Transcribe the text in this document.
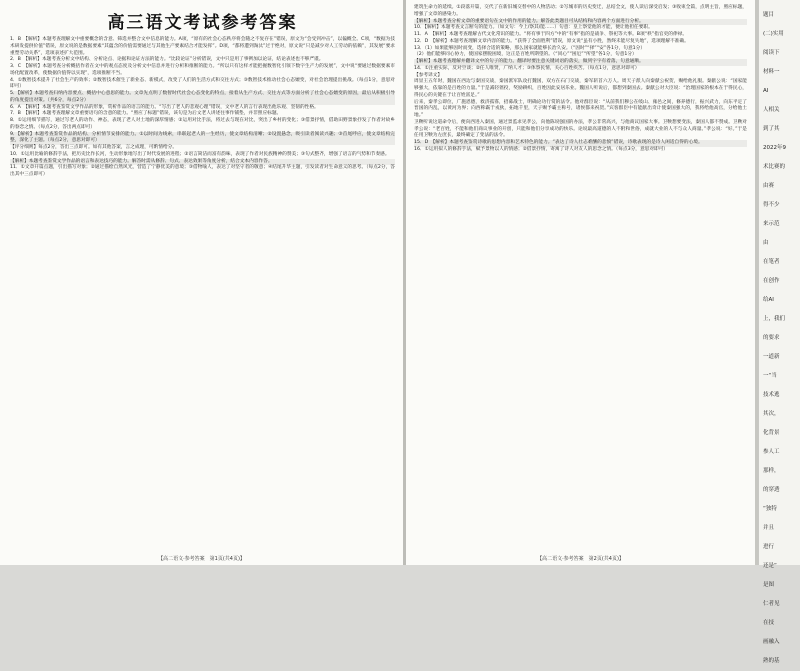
高三语文考试参考答案

1．B　【解析】本题考查理解文中重要概念的含意、筛选并整合文中信息的能力。A项，“原有的社会心态秩序将会随之不复存在”错误，原文为“会受到冲击”，以偏概全。C项，“数据为技术研发提供价值”错误，原文说的是数据要素“其蕴含的价值需要通过与其他生产要素结合才能发挥”。D项，“都将遭到淘汰”过于绝对，原文说“只是减少对人工劳动的依赖”，其发展“要求重塑劳动关系”，选项表述扩大范围。

2．B　【解析】本题考查分析文中结构、分析论点、论据和论证方法的能力。“比较论证”分析错误，文中只是用了事例加以论证，结论表述也不够严谨。

3．C　【解析】本题考查分析概括作者在文中的观点态度及分析文中信息并进行分析和推断的能力。“所以只有这样才能把握数智化引领下数字生产力的发展”，文中说“要通过数据要素市场化配置改革，使数据价值得以实现”，选项推断不当。

4．①数智技术提升了社会生产的效率；②数智技术催生了新业态、新模式，改变了人们的生活方式和交往方式；③数智技术推动社会心态嬗变，对社会治理提出挑战。（每点1分，意思对即可）

5．【解析】本题考查归纳内容要点、概括中心意思的能力。文章先点明了数智时代社会心态变化的特点，接着从生产方式、交往方式等方面分析了社会心态嬗变的原因，最后从积极引导的角度提出对策。（共6分，每点2分）

6．A　【解析】本题考查鉴赏文学作品的形象，赏析作品的语言的能力。“写出了老人的悲观心理”错误，文中老人的言行表现出他乐观、坚韧的性格。

7．B　【解析】本题考查理解文章重要语句的含意的能力。“照应了标题”错误，该句是为后文老人讲述往事作铺垫，并非照应标题。

8．①运用细节描写，通过写老人的动作、神态，表现了老人对土地的深厚情感；②运用对比手法，将过去与现在对比，突出了乡村的变化；③借景抒情，借助田野景象抒发了作者对故乡的眷恋之情。（每点2分，答出两点即可）

9．【解析】本题考查鉴赏作品的结构、分析情节安排的能力。①以时间为线索，串联起老人的一生经历，使文章结构清晰；②设置悬念，吸引读者阅读兴趣；③首尾呼应，使文章结构完整，深化了主题。（每点2分，意思对即可）

【评分细则】每点2分，答出三点即可。如有其他答案，言之成理，可酌情给分。

10．①运用比喻的修辞手法，把历史比作长河，生动形象地写出了时代发展的进程；②语言简洁而富有韵味，表现了作者对民族精神的赞美；③句式整齐，增强了语言的气势和节奏感。

【解析】本题考查鉴赏文学作品的语言和表达技巧的能力。解答时需从修辞、句式、表达效果等角度分析，结合文本内容作答。

11．①文章开篇点题，引出描写对象；②通过描绘自然风光，营造了宁静优美的意境；③借物喻人，表达了对坚守者的敬意；④结尾升华主题，引发读者对生命意义的思考。（每点2分，答出其中三点即可）

【高二语文·参考答案　第1页(共4页)】

建筑生命力的延续。①段落开篇，交代了在新旧城交替中的人物活动；②写城市的历史变迁，总结全文，使人读后深受启发；③收束全篇，点明主旨，照应标题，增强了文章的感染力。

【解析】本题考查分析文章的重要语句在文中的作用的能力。解答此类题目可从结构和内容两个方面进行分析。

10．【解析】本题考查文言断句的能力。（如文句：今上/察其/能……）句意：皇上察觉他的才能，便让他担任要职。

11．A　【解析】本题考查理解古代文化常识的能力。“将有事于四方”中的“有事”指的是战争、祭祀等大事。B项“秩”指官吏的俸禄。

12．D　【解析】本题考查理解文章内容的能力。“获得了全面胜利”错误，原文说“虽有小胜，然终未能尽复失地”，选项理解不准确。

13．（1）如果能够因时而变，选择合适的策略，那么国家就能够长治久安。（“因时”“择”“安”各1分，句意1分）

（2）他们能够同心协力，使国家摆脱困境，这正是百姓所期望的。（“同心”“困厄”“所望”各1分，句意1分）

【解析】本题考查理解并翻译文中的句子的能力。翻译时要注意关键词语的落实，做到字字有着落，句意通顺。

14．①注重实际，反对空谈；②任人唯贤，广纳人才；③体察民情，关心百姓疾苦。（每点1分，意思对即可）

【参考译文】

周显王五年时，魏国在西边与秦国交战，秦国派军队攻打魏国，双方在石门交战，秦军斩首六万人。周天子派人向秦献公祝贺，赐给他礼服。秦献公说：“国家能够强大，依靠的是百姓的力量。”于是减轻徭役，奖励耕织，百姓因此安居乐业。魏国人听说后，都想到秦国去。秦献公对大臣说：“治理国家的根本在于得民心，得民心的关键在于让百姓富足。”

后来，秦孝公即位，广施恩德，救济孤寡，招募战士，明确论功行赏的法令。他对群臣说：“从前我们穆公在岐山、雍邑之间，修养德行，振兴武力，向东平定了晋国的内乱，以黄河为界；向西称霸于戎狄，拓地千里，天子赐予霸主称号，诸侯都来祝贺。”宾客群臣中有能献出奇计使秦国强大的，我将给他高官，分给他土地。”

卫鞅听说这道命令后，便向西进入秦国，通过景监求见孝公，向他陈说强国的办法，孝公非常高兴，与他商议国家大事。卫鞅想要变法，秦国人都不赞成。卫鞅对孝公说：“老百姓，不能和他们商议事业的开创，只能和他们分享成功的快乐。论说最高道德的人不附和世俗，成就大业的人不与众人商量。”孝公说：“好。”于是任用卫鞅为左庶长，最终确定了变法的法令。

15．D　【解析】本题考查鉴赏诗歌的思想内容和艺术特色的能力。“表达了诗人壮志难酬的悲愤”错误，诗歌表现的是诗人闲适自得的心境。

16．①运用拟人的修辞手法，赋予景物以人的情感；②借景抒情，寄寓了诗人对友人的思念之情。（每点3分，意思对即可）

【高二语文·参考答案　第2页(共4页)】
题目
(二)实用
阅读下
材料一
AI
人相关
到了其
2022年9
术比赛的
由赛
得不少
来示范
由
在笔者
在创作
给AI
上，我们
的要求
一道新
一“当
技术逃
其次，
化背景
参人工
那样，
的穿透
“独特
并且
进行
还是“
是图
仁者见
在技
画融入
熟的基
